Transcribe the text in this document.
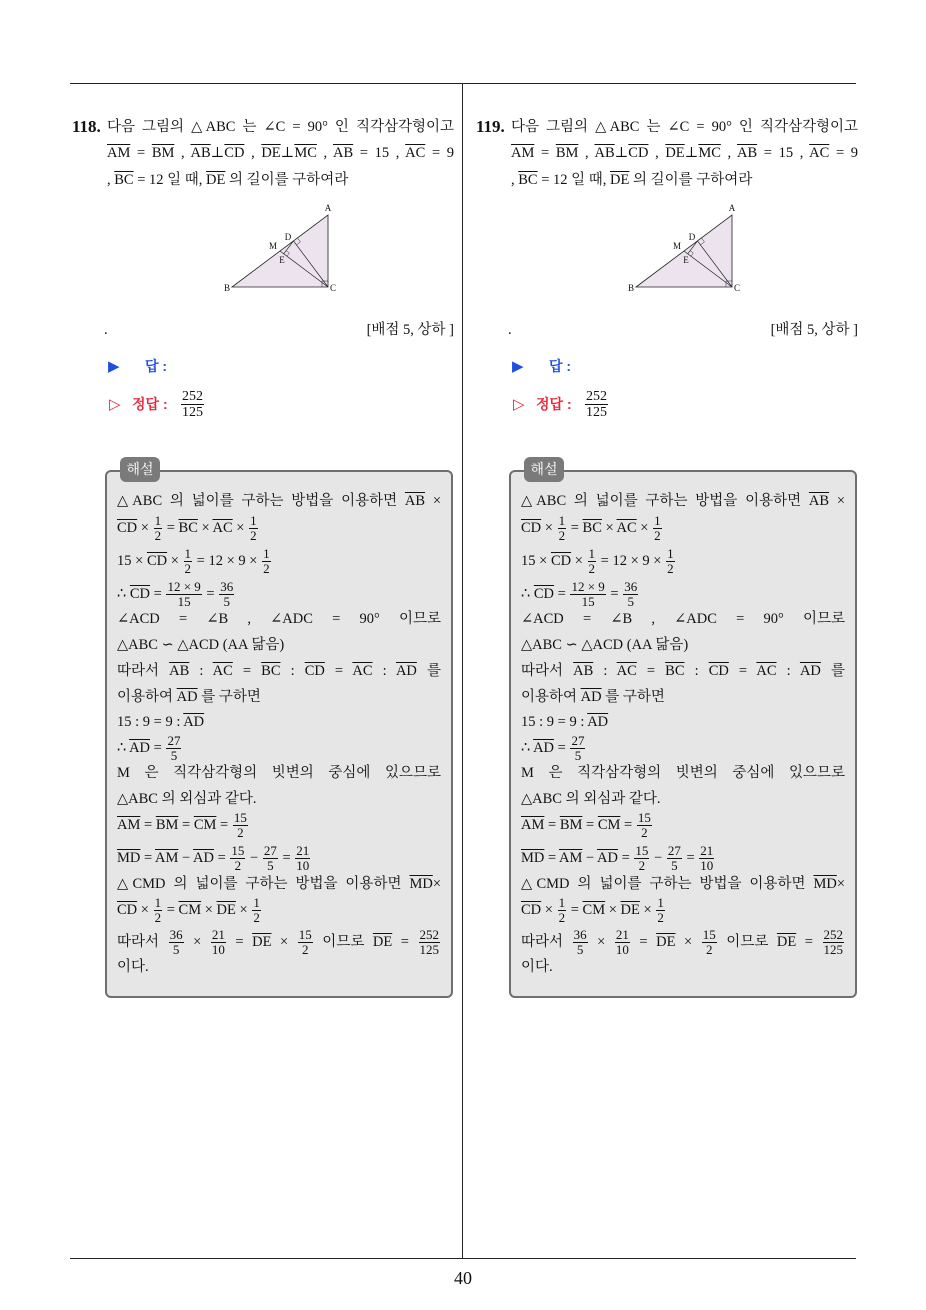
40
118. 다음 그림의 △ABC 는 ∠C = 90° 인 직각삼각형이고
$\overline{AM} = \overline{BM}$ , $\overline{AB}\perp\overline{CD}$ , $\overline{DE}\perp\overline{MC}$ , $\overline{AB} = 15$ , $\overline{AC} = 9$
, $\overline{BC} = 12$ 일 때, $\overline{DE}$ 의 길이를 구하여라
A
B	C
M
D
E
.	[배점 5, 상하 ]
▶ 답 :
▷ 정답 : $\frac{252}{125}$
△ABC 의 넓이를 구하는 방법을 이용하면 $\overline{AB}$ ×
$\overline{CD} \times \frac{1}{2} = \overline{BC} \times \overline{AC} \times \frac{1}{2}$
$15 \times \overline{CD} \times \frac{1}{2} = 12 \times 9 \times \frac{1}{2}$
∴ $\overline{CD} = \frac{12 \times 9}{15} = \frac{36}{5}$
∠ACD = ∠B , ∠ADC = 90° 이므로
△ABC ∽ △ACD (AA 닮음)
따라서 $\overline{AB}$ : $\overline{AC} = \overline{BC}$ : $\overline{CD} = \overline{AC}$ : $\overline{AD}$ 를
이용하여 $\overline{AD}$ 를 구하면
15 : 9 = 9 : $\overline{AD}$
∴ $\overline{AD} = \frac{27}{5}$
M 은 직각삼각형의 빗변의 중심에 있으므로
△ABC 의 외심과 같다.
$\overline{AM} = \overline{BM} = \overline{CM} = \frac{15}{2}$
$\overline{MD} = \overline{AM} - \overline{AD} = \frac{15}{2} - \frac{27}{5} = \frac{21}{10}$
△CMD 의 넓이를 구하는 방법을 이용하면 $\overline{MD}\times$
$\overline{CD} \times \frac{1}{2} = \overline{CM} \times \overline{DE} \times \frac{1}{2}$
따라서 $\frac{36}{5} \times \frac{21}{10} = \overline{DE} \times \frac{15}{2}$ 이므로 $\overline{DE} = \frac{252}{125}$
이다.
해설
119. 다음 그림의 △ABC 는 ∠C = 90° 인 직각삼각형이고
$\overline{AM} = \overline{BM}$ , $\overline{AB}\perp\overline{CD}$ , $\overline{DE}\perp\overline{MC}$ , $\overline{AB} = 15$ , $\overline{AC} = 9$
, $\overline{BC} = 12$ 일 때, $\overline{DE}$ 의 길이를 구하여라
A
B	C
M
D
E
.	[배점 5, 상하 ]
▶ 답 :
▷ 정답 : $\frac{252}{125}$
△ABC 의 넓이를 구하는 방법을 이용하면 $\overline{AB}$ ×
$\overline{CD} \times \frac{1}{2} = \overline{BC} \times \overline{AC} \times \frac{1}{2}$
$15 \times \overline{CD} \times \frac{1}{2} = 12 \times 9 \times \frac{1}{2}$
∴ $\overline{CD} = \frac{12 \times 9}{15} = \frac{36}{5}$
∠ACD = ∠B , ∠ADC = 90° 이므로
△ABC ∽ △ACD (AA 닮음)
따라서 $\overline{AB}$ : $\overline{AC} = \overline{BC}$ : $\overline{CD} = \overline{AC}$ : $\overline{AD}$ 를
이용하여 $\overline{AD}$ 를 구하면
15 : 9 = 9 : $\overline{AD}$
∴ $\overline{AD} = \frac{27}{5}$
M 은 직각삼각형의 빗변의 중심에 있으므로
△ABC 의 외심과 같다.
$\overline{AM} = \overline{BM} = \overline{CM} = \frac{15}{2}$
$\overline{MD} = \overline{AM} - \overline{AD} = \frac{15}{2} - \frac{27}{5} = \frac{21}{10}$
△CMD 의 넓이를 구하는 방법을 이용하면 $\overline{MD}\times$
$\overline{CD} \times \frac{1}{2} = \overline{CM} \times \overline{DE} \times \frac{1}{2}$
따라서 $\frac{36}{5} \times \frac{21}{10} = \overline{DE} \times \frac{15}{2}$ 이므로 $\overline{DE} = \frac{252}{125}$
이다.
해설
